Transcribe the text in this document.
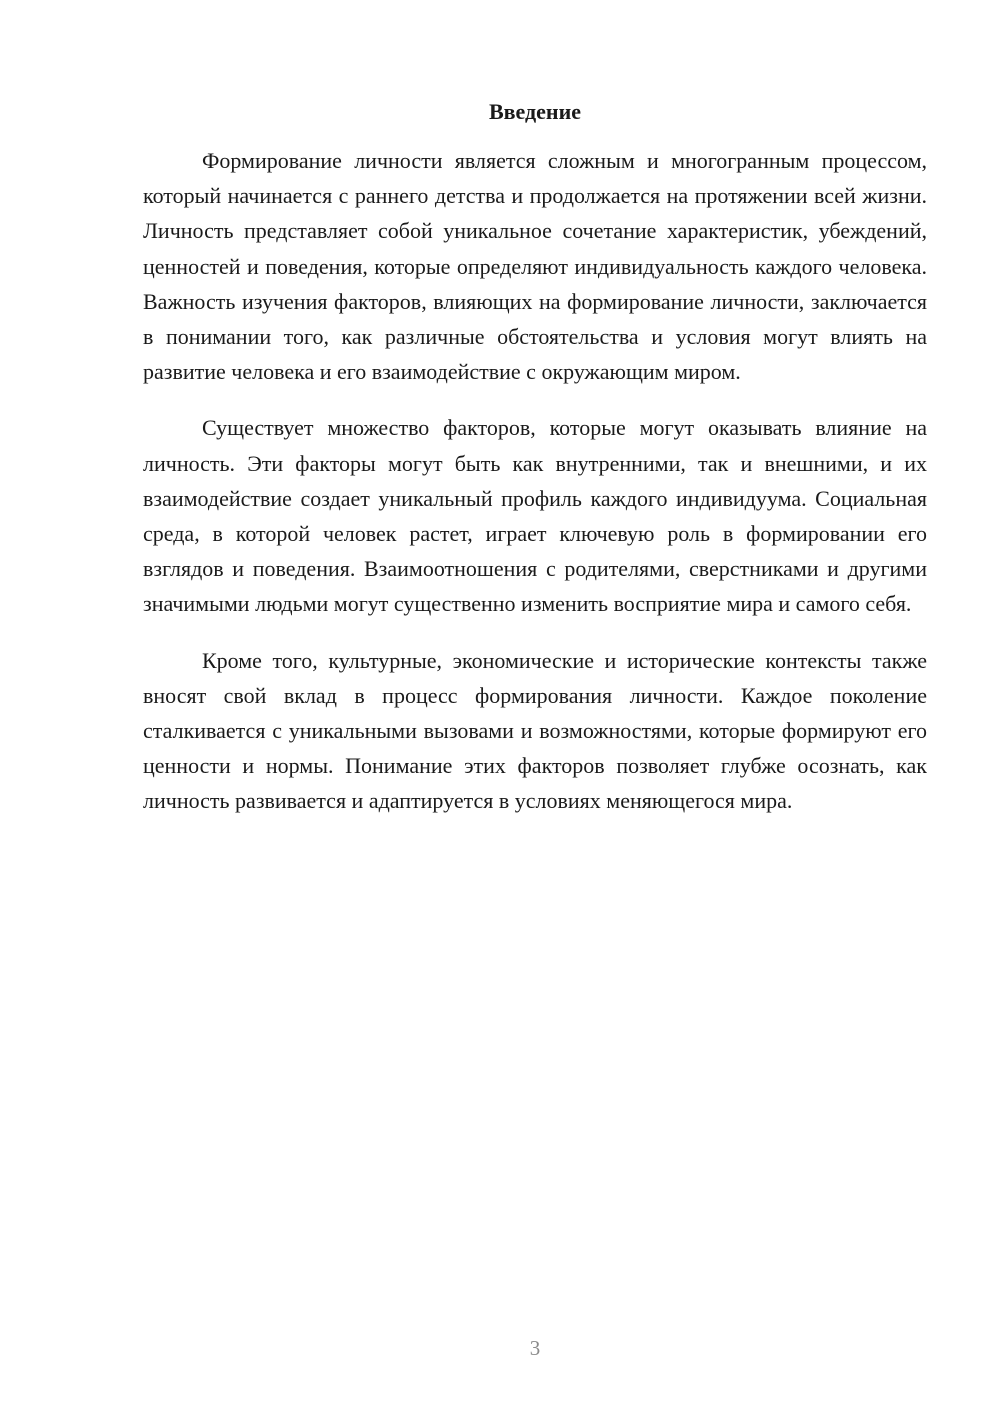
Введение

Формирование личности является сложным и многогранным процессом, который начинается с раннего детства и продолжается на протяжении всей жизни. Личность представляет собой уникальное сочетание характеристик, убеждений, ценностей и поведения, которые определяют индивидуальность каждого человека. Важность изучения факторов, влияющих на формирование личности, заключается в понимании того, как различные обстоятельства и условия могут влиять на развитие человека и его взаимодействие с окружающим миром.

Существует множество факторов, которые могут оказывать влияние на личность. Эти факторы могут быть как внутренними, так и внешними, и их взаимодействие создает уникальный профиль каждого индивидуума. Социальная среда, в которой человек растет, играет ключевую роль в формировании его взглядов и поведения. Взаимоотношения с родителями, сверстниками и другими значимыми людьми могут существенно изменить восприятие мира и самого себя.

Кроме того, культурные, экономические и исторические контексты также вносят свой вклад в процесс формирования личности. Каждое поколение сталкивается с уникальными вызовами и возможностями, которые формируют его ценности и нормы. Понимание этих факторов позволяет глубже осознать, как личность развивается и адаптируется в условиях меняющегося мира.

3
